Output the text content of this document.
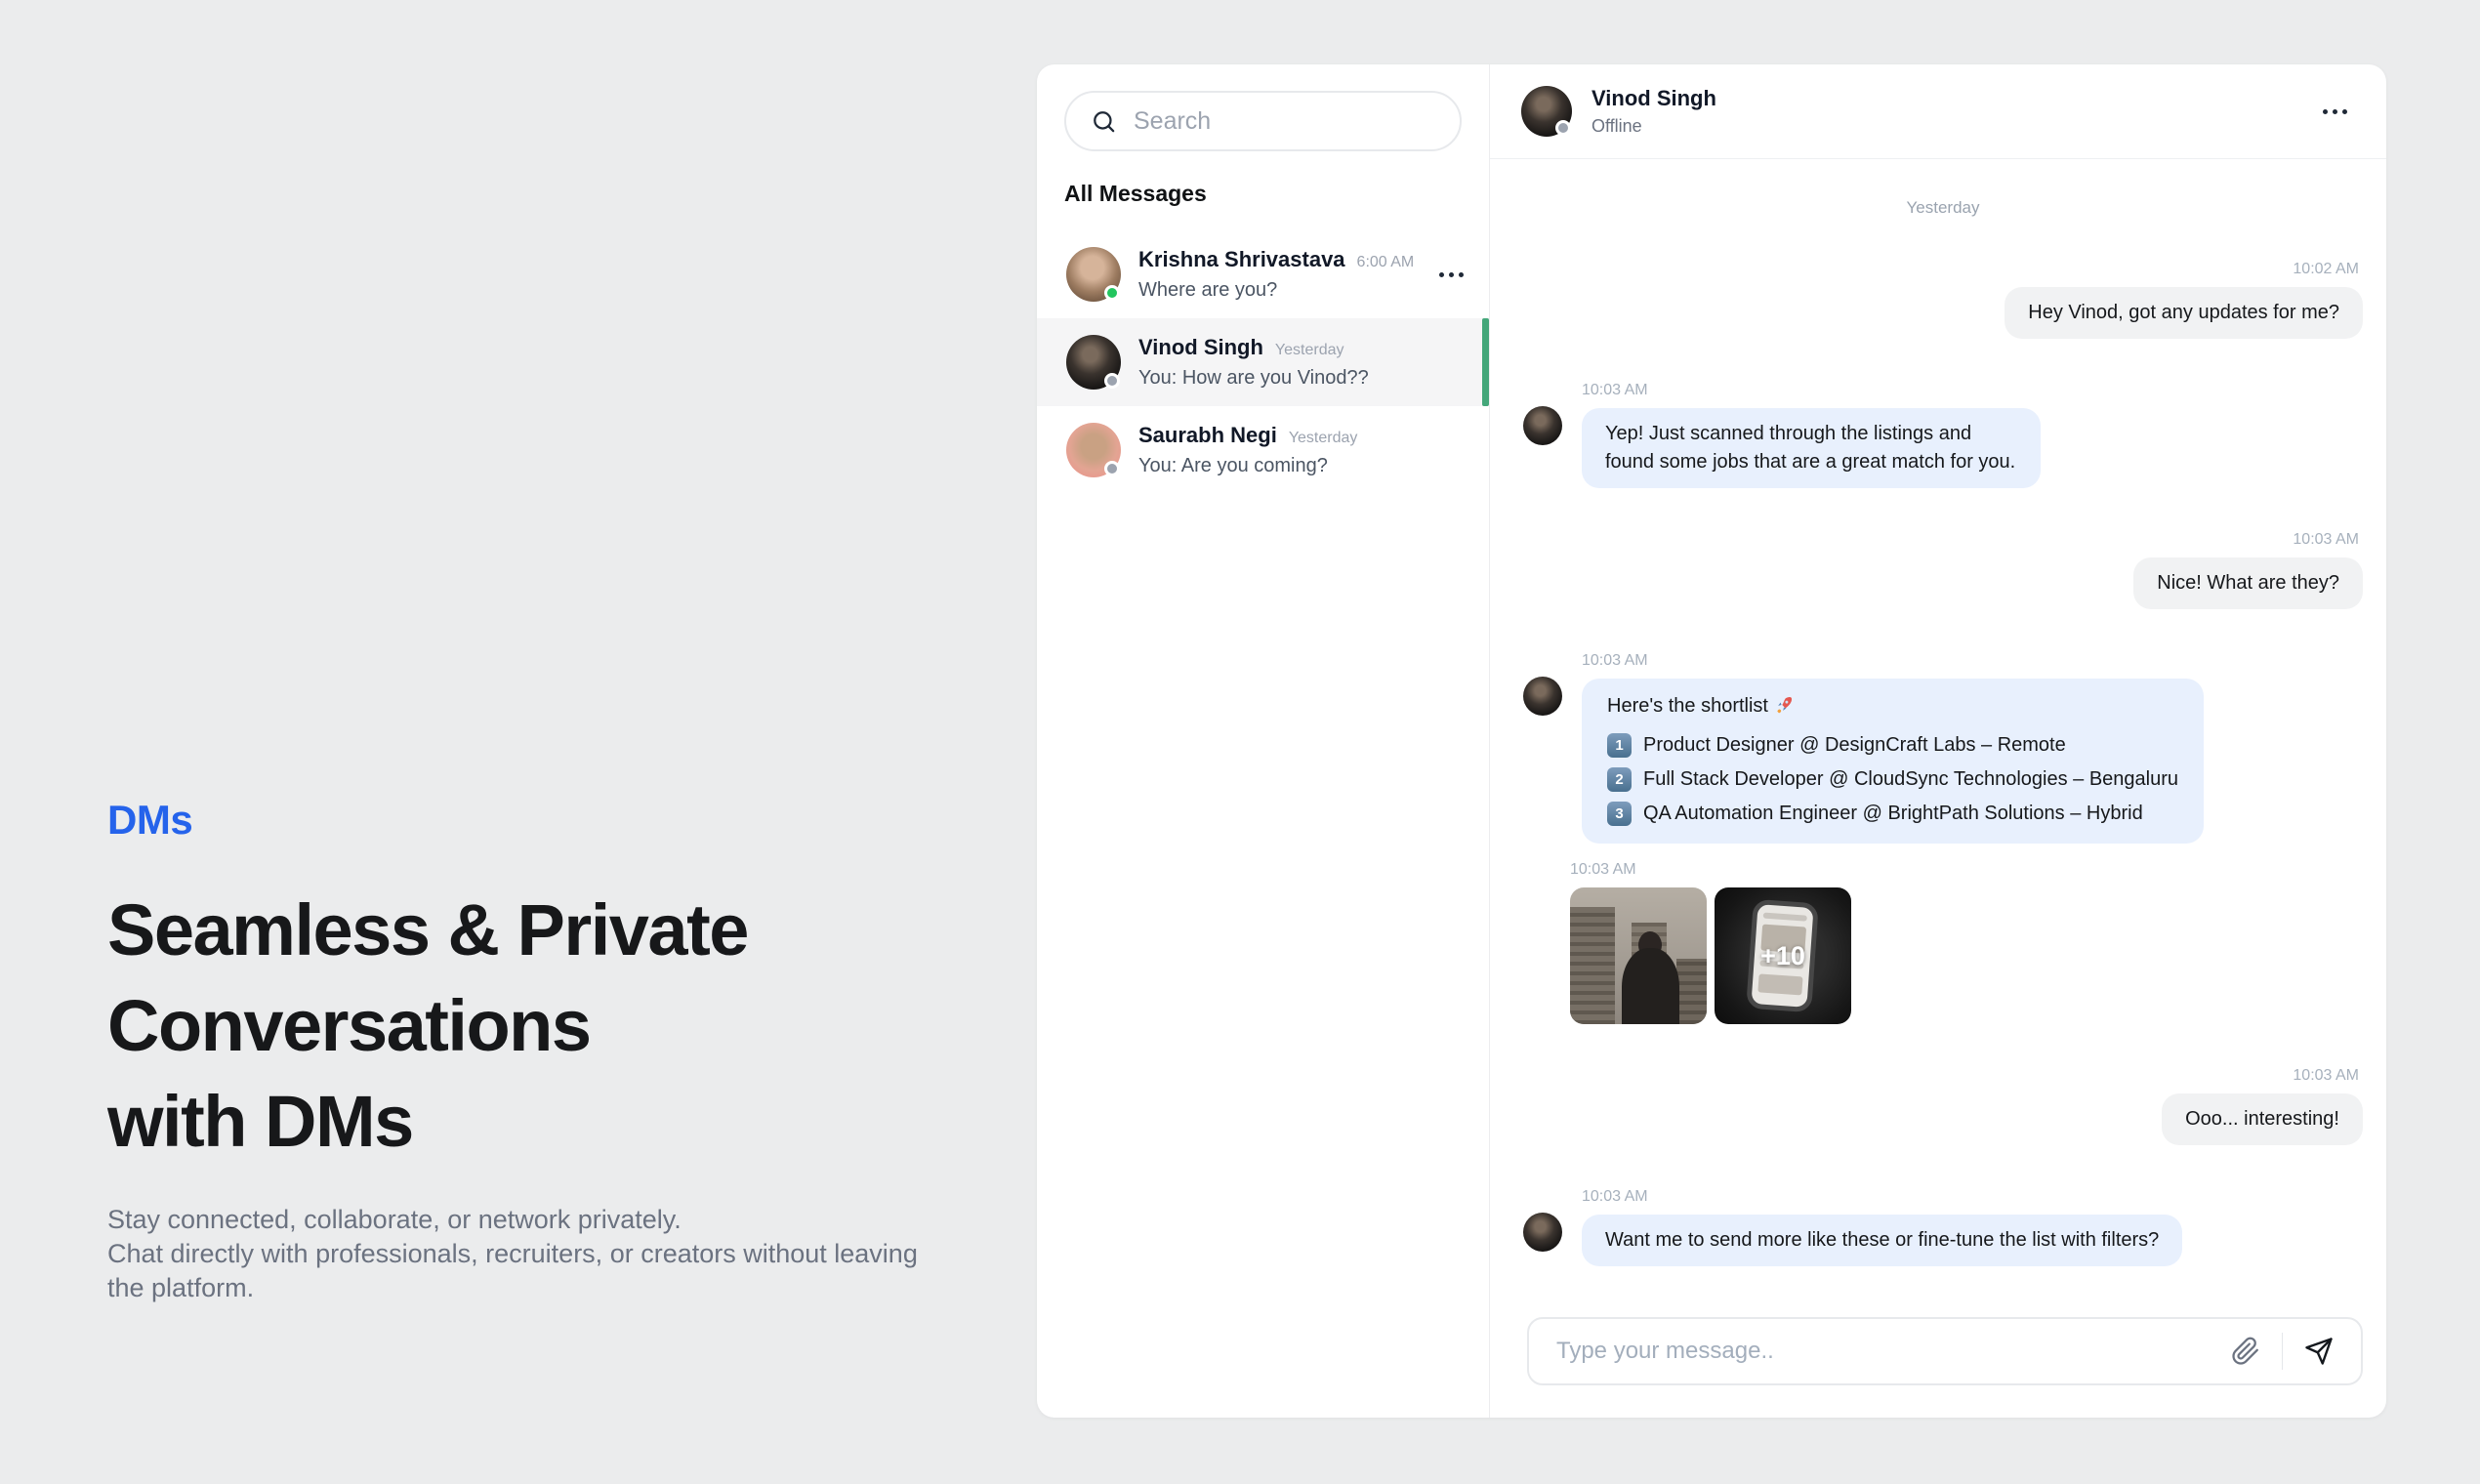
DMs
Seamless & Private
Conversations
with DMs
Stay connected, collaborate, or network privately.
Chat directly with professionals, recruiters, or creators without leaving the platform.
Search
All Messages
Krishna Shrivastava 6:00 AM
Where are you?
Vinod Singh Yesterday
You: How are you Vinod??
Saurabh Negi Yesterday
You: Are you coming?
Vinod Singh
Offline
Yesterday
10:02 AM
Hey Vinod, got any updates for me?
10:03 AM
Yep! Just scanned through the listings and found some jobs that are a great match for you.
10:03 AM
Nice! What are they?
10:03 AM
Here's the shortlist
1	Product Designer @ DesignCraft Labs – Remote
2	Full Stack Developer @ CloudSync Technologies – Bengaluru
3	QA Automation Engineer @ BrightPath Solutions – Hybrid
10:03 AM
+10
10:03 AM
Ooo... interesting!
10:03 AM
Want me to send more like these or fine-tune the list with filters?
Type your message..
